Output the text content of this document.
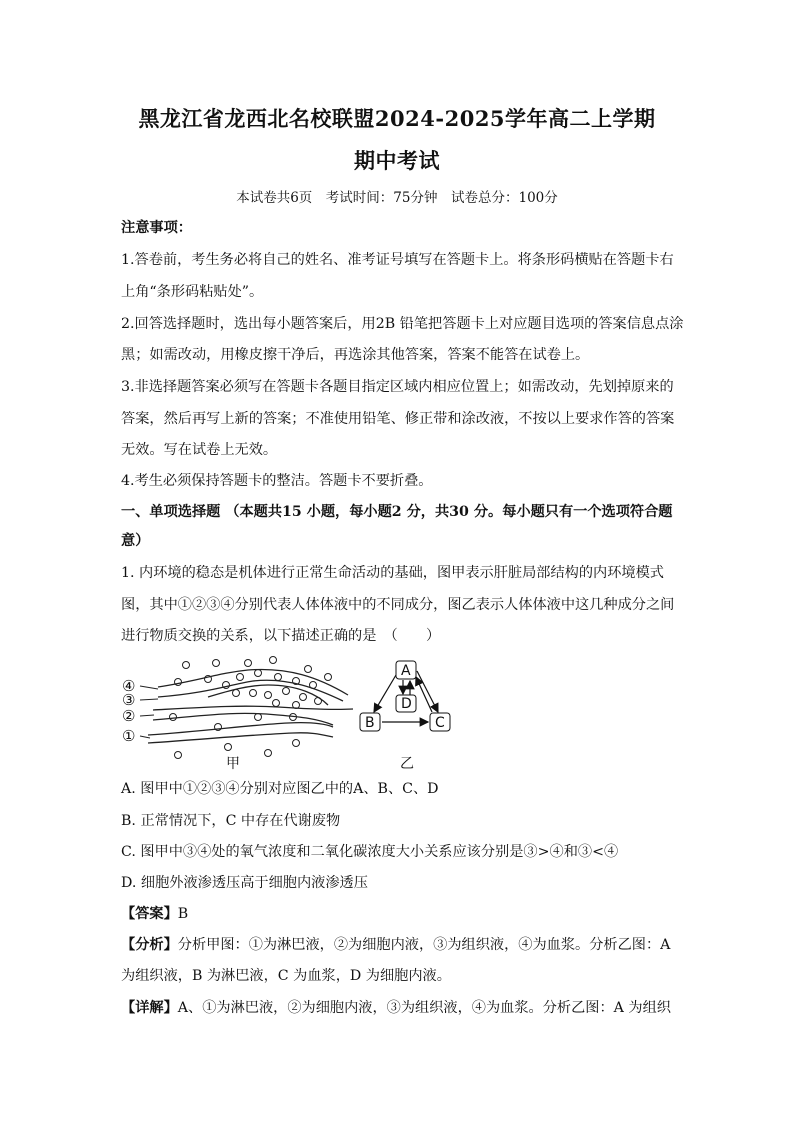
黑龙江省龙西北名校联盟2024-2025学年高二上学期
期中考试
本试卷共6页　考试时间：75分钟　试卷总分：100分
注意事项：
1.答卷前，考生务必将自己的姓名、准考证号填写在答题卡上。将条形码横贴在答题卡右
上角“条形码粘贴处”。
2.回答选择题时，选出每小题答案后，用2B 铅笔把答题卡上对应题目选项的答案信息点涂
黑；如需改动，用橡皮擦干净后，再选涂其他答案，答案不能答在试卷上。
3.非选择题答案必须写在答题卡各题目指定区域内相应位置上；如需改动，先划掉原来的
答案，然后再写上新的答案；不准使用铅笔、修正带和涂改液，不按以上要求作答的答案
无效。写在试卷上无效。
4.考生必须保持答题卡的整洁。答题卡不要折叠。
一、单项选择题 （本题共15 小题，每小题2 分，共30 分。每小题只有一个选项符合题
意）
1. 内环境的稳态是机体进行正常生命活动的基础，图甲表示肝脏局部结构的内环境模式
图，其中①②③④分别代表人体体液中的不同成分，图乙表示人体体液中这几种成分之间
进行物质交换的关系，以下描述正确的是　（　　）
④
③
②
①
甲
A
B	C
D
乙
A. 图甲中①②③④分别对应图乙中的A、B、C、D
B. 正常情况下，C 中存在代谢废物
C. 图甲中③④处的氧气浓度和二氧化碳浓度大小关系应该分别是③>④和③<④
D. 细胞外液渗透压高于细胞内液渗透压
【答案】B
【分析】分析甲图：①为淋巴液，②为细胞内液，③为组织液，④为血浆。分析乙图：A
为组织液，B 为淋巴液，C 为血浆，D 为细胞内液。
【详解】A、①为淋巴液，②为细胞内液，③为组织液，④为血浆。分析乙图：A 为组织
